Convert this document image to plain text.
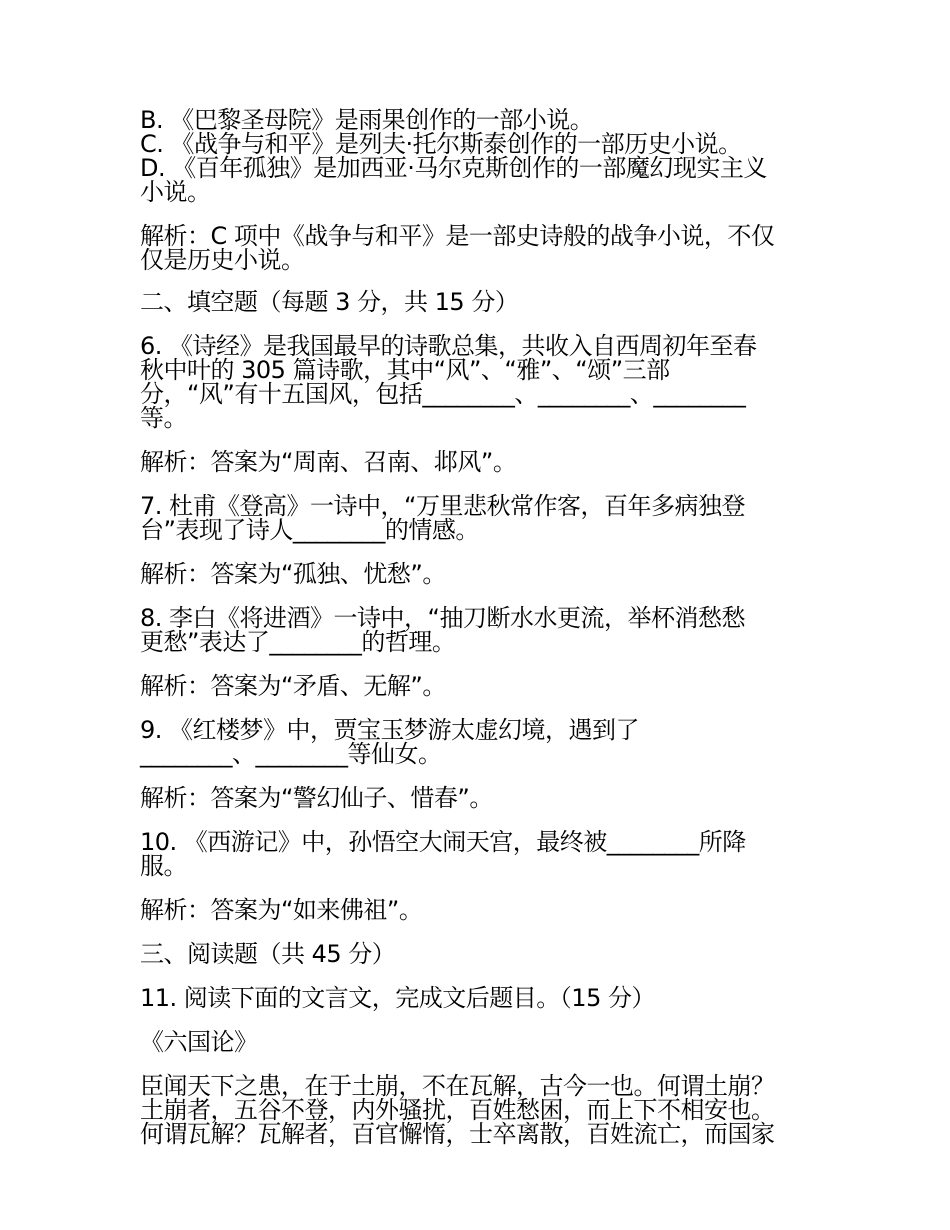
B. 《巴黎圣母院》是雨果创作的一部小说。

C. 《战争与和平》是列夫·托尔斯泰创作的一部历史小说。

D. 《百年孤独》是加西亚·马尔克斯创作的一部魔幻现实主义

小说。

解析：C 项中《战争与和平》是一部史诗般的战争小说，不仅

仅是历史小说。

二、填空题（每题 3 分，共 15 分）

6. 《诗经》是我国最早的诗歌总集，共收入自西周初年至春

秋中叶的 305 篇诗歌，其中“风”、“雅”、“颂”三部

分，“风”有十五国风，包括________、________、________

等。

解析：答案为“周南、召南、邶风”。

7. 杜甫《登高》一诗中，“万里悲秋常作客，百年多病独登

台”表现了诗人________的情感。

解析：答案为“孤独、忧愁”。

8. 李白《将进酒》一诗中，“抽刀断水水更流，举杯消愁愁

更愁”表达了________的哲理。

解析：答案为“矛盾、无解”。

9. 《红楼梦》中，贾宝玉梦游太虚幻境，遇到了

________、________等仙女。

解析：答案为“警幻仙子、惜春”。

10. 《西游记》中，孙悟空大闹天宫，最终被________所降

服。

解析：答案为“如来佛祖”。

三、阅读题（共 45 分）

11. 阅读下面的文言文，完成文后题目。（15 分）

《六国论》

臣闻天下之患，在于土崩，不在瓦解，古今一也。何谓土崩？

土崩者，五谷不登，内外骚扰，百姓愁困，而上下不相安也。

何谓瓦解？瓦解者，百官懈惰，士卒离散，百姓流亡，而国家
